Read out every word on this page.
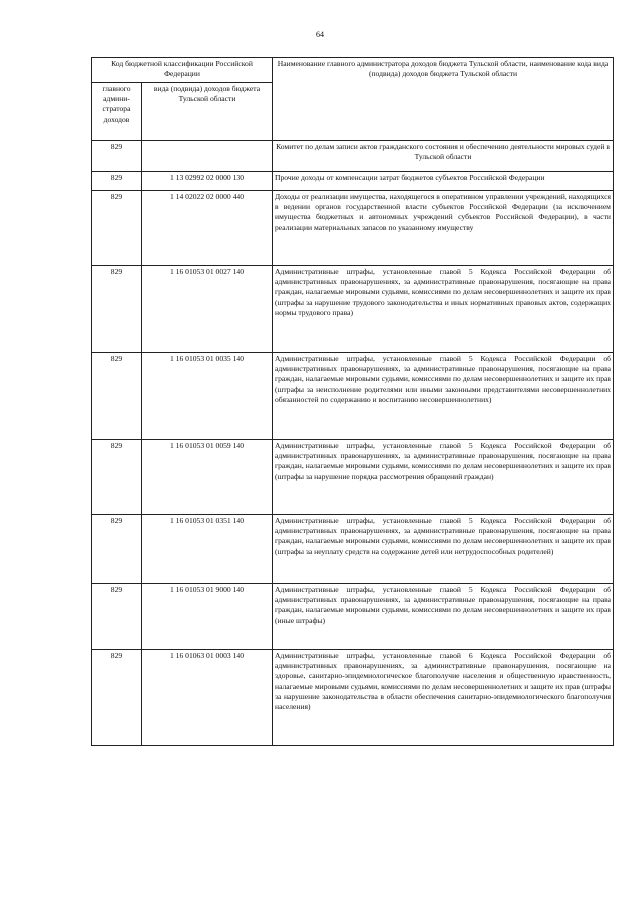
64
Код бюджетной классификации Российской Федерации		Наименование главного администратора доходов бюджета Тульской области, наименование кода вида (подвида) доходов бюджета Тульской области
главного админи-стратора доходов	вида (подвида) доходов бюджета Тульской области	
829		Комитет по делам записи актов гражданского состояния и обеспечению деятельности мировых судей в Тульской области
829	1 13 02992 02 0000 130	Прочие доходы от компенсации затрат бюджетов субъектов Российской Федерации
829	1 14 02022 02 0000 440	Доходы от реализации имущества, находящегося в оперативном управлении учреждений, находящихся в ведении органов государственной власти субъектов Российской Федерации (за исключением имущества бюджетных и автономных учреждений субъектов Российской Федерации), в части реализации материальных запасов по указанному имуществу
829	1 16 01053 01 0027 140	Административные штрафы, установленные главой 5 Кодекса Российской Федерации об административных правонарушениях, за административные правонарушения, посягающие на права граждан, налагаемые мировыми судьями, комиссиями по делам несовершеннолетних и защите их прав (штрафы за нарушение трудового законодательства и иных нормативных правовых актов, содержащих нормы трудового права)
829	1 16 01053 01 0035 140	Административные штрафы, установленные главой 5 Кодекса Российской Федерации об административных правонарушениях, за административные правонарушения, посягающие на права граждан, налагаемые мировыми судьями, комиссиями по делам несовершеннолетних и защите их прав (штрафы за неисполнение родителями или иными законными представителями несовершеннолетних обязанностей по содержанию и воспитанию несовершеннолетних)
829	1 16 01053 01 0059 140	Административные штрафы, установленные главой 5 Кодекса Российской Федерации об административных правонарушениях, за административные правонарушения, посягающие на права граждан, налагаемые мировыми судьями, комиссиями по делам несовершеннолетних и защите их прав (штрафы за нарушение порядка рассмотрения обращений граждан)
829	1 16 01053 01 0351 140	Административные штрафы, установленные главой 5 Кодекса Российской Федерации об административных правонарушениях, за административные правонарушения, посягающие на права граждан, налагаемые мировыми судьями, комиссиями по делам несовершеннолетних и защите их прав (штрафы за неуплату средств на содержание детей или нетрудоспособных родителей)
829	1 16 01053 01 9000 140	Административные штрафы, установленные главой 5 Кодекса Российской Федерации об административных правонарушениях, за административные правонарушения, посягающие на права граждан, налагаемые мировыми судьями, комиссиями по делам несовершеннолетних и защите их прав (иные штрафы)
829	1 16 01063 01 0003 140	Административные штрафы, установленные главой 6 Кодекса Российской Федерации об административных правонарушениях, за административные правонарушения, посягающие на здоровье, санитарно-эпидемиологическое благополучие населения и общественную нравственность, налагаемые мировыми судьями, комиссиями по делам несовершеннолетних и защите их прав (штрафы за нарушение законодательства в области обеспечения санитарно-эпидемиологического благополучия населения)
